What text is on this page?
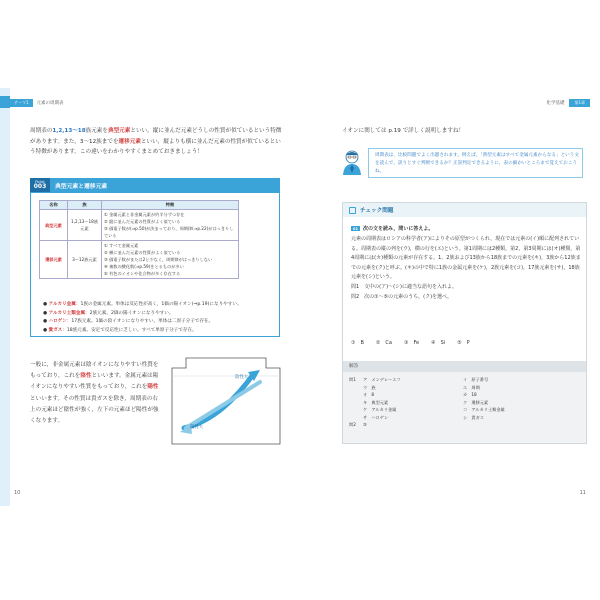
テーマ1	元素の周期表

周期表の1,2,13〜18族元素を典型元素といい，縦に並んだ元素どうしの性質が似ているという特徴があります。また，3〜12族までを遷移元素といい，縦よりも横に並んだ元素の性質が似ているという特徴があります。この違いをわかりやすくまとめておきましょう！

Point
003	典型元素と遷移元素
名称	族	特徴
典型元素	1,2,13〜18族元素	① 金属元素と非金属元素が約半分ずつ存在
② 縦に並んだ元素の性質がよく似ている
③ 価電子数が(⇒p.50)が決まっており，周期律(⇒p.22)がはっきりしている

遷移元素	3〜12族元素	① すべて金属元素
② 横に並んだ元素の性質がよく似ている
③ 価電子数がまたは2と少なく，周期律がはっきりしない
④ 複数の酸化数(⇒p.59)をとるものが多い
⑤ 有色のイオンや化合物が多く存在する
● アルカリ金属：1族の金属元素。単体は反応性が高く，1価の陽イオン(⇒p.19)になりやすい。
● アルカリ土類金属：2族元素。2価の陽イオンになりやすい。
● ハロゲン：17族元素。1価の陰イオンになりやすい。単体は二原子分子で存在。
● 貴ガス：18族元素。安定で反応性に乏しい。すべて単原子分子で存在。

一般に，非金属元素は陰イオンになりやすい性質をもっており，これを陰性といいます。金属元素は陽イオンになりやすい性質をもっており，これを陽性といいます。その性質は貴ガスを除き，周期表の右上の元素ほど陰性が強く，左下の元素ほど陽性が強くなります。

陰性大
陽性大
10
化学基礎	第1章

イオンに関しては p.19 で詳しく説明しますね！

周期表は，比較問題でよく出題されます。例えば，「典型元素はすべて金属元素からなる」という文を読んで，誤りとすぐ判断できるか？正誤判定できるように，表の細かいところまで覚えておこうね。

チェック問題
01	次の文を読み，問いに答えよ。
元素の周期表はロシアの科学者(ア)によりその原型がつくられ，現在では元素の(イ)順に配列されている。周期表の縦の列を(ウ)，横の行を(エ)という。第1周期には2種類，第2，第3周期には(オ)種類，第4周期には(カ)種類の元素が存在する。1，2族および13族から18族までの元素を(キ)，3族から12族までの元素を(ク)と呼ぶ。(キ)の中で特に1族の金属元素を(ケ)，2族元素を(コ)，17族元素を(サ)，18族元素を(シ)という。
問1　文中の(ア)〜(シ)に適当な語句を入れよ。
問2　次の①〜⑤の元素のうち，(ク)を選べ。
①　B ②　Ca ③　Fe ④　Si ⑤　P
解答
問1	ア　メンデレーエフ	イ　原子番号
ウ　族	エ　周期
オ　8	カ　18
キ　典型元素	ク　遷移元素
ケ　アルカリ金属	コ　アルカリ土類金属
サ　ハロゲン	シ　貴ガス
問2	③
11
